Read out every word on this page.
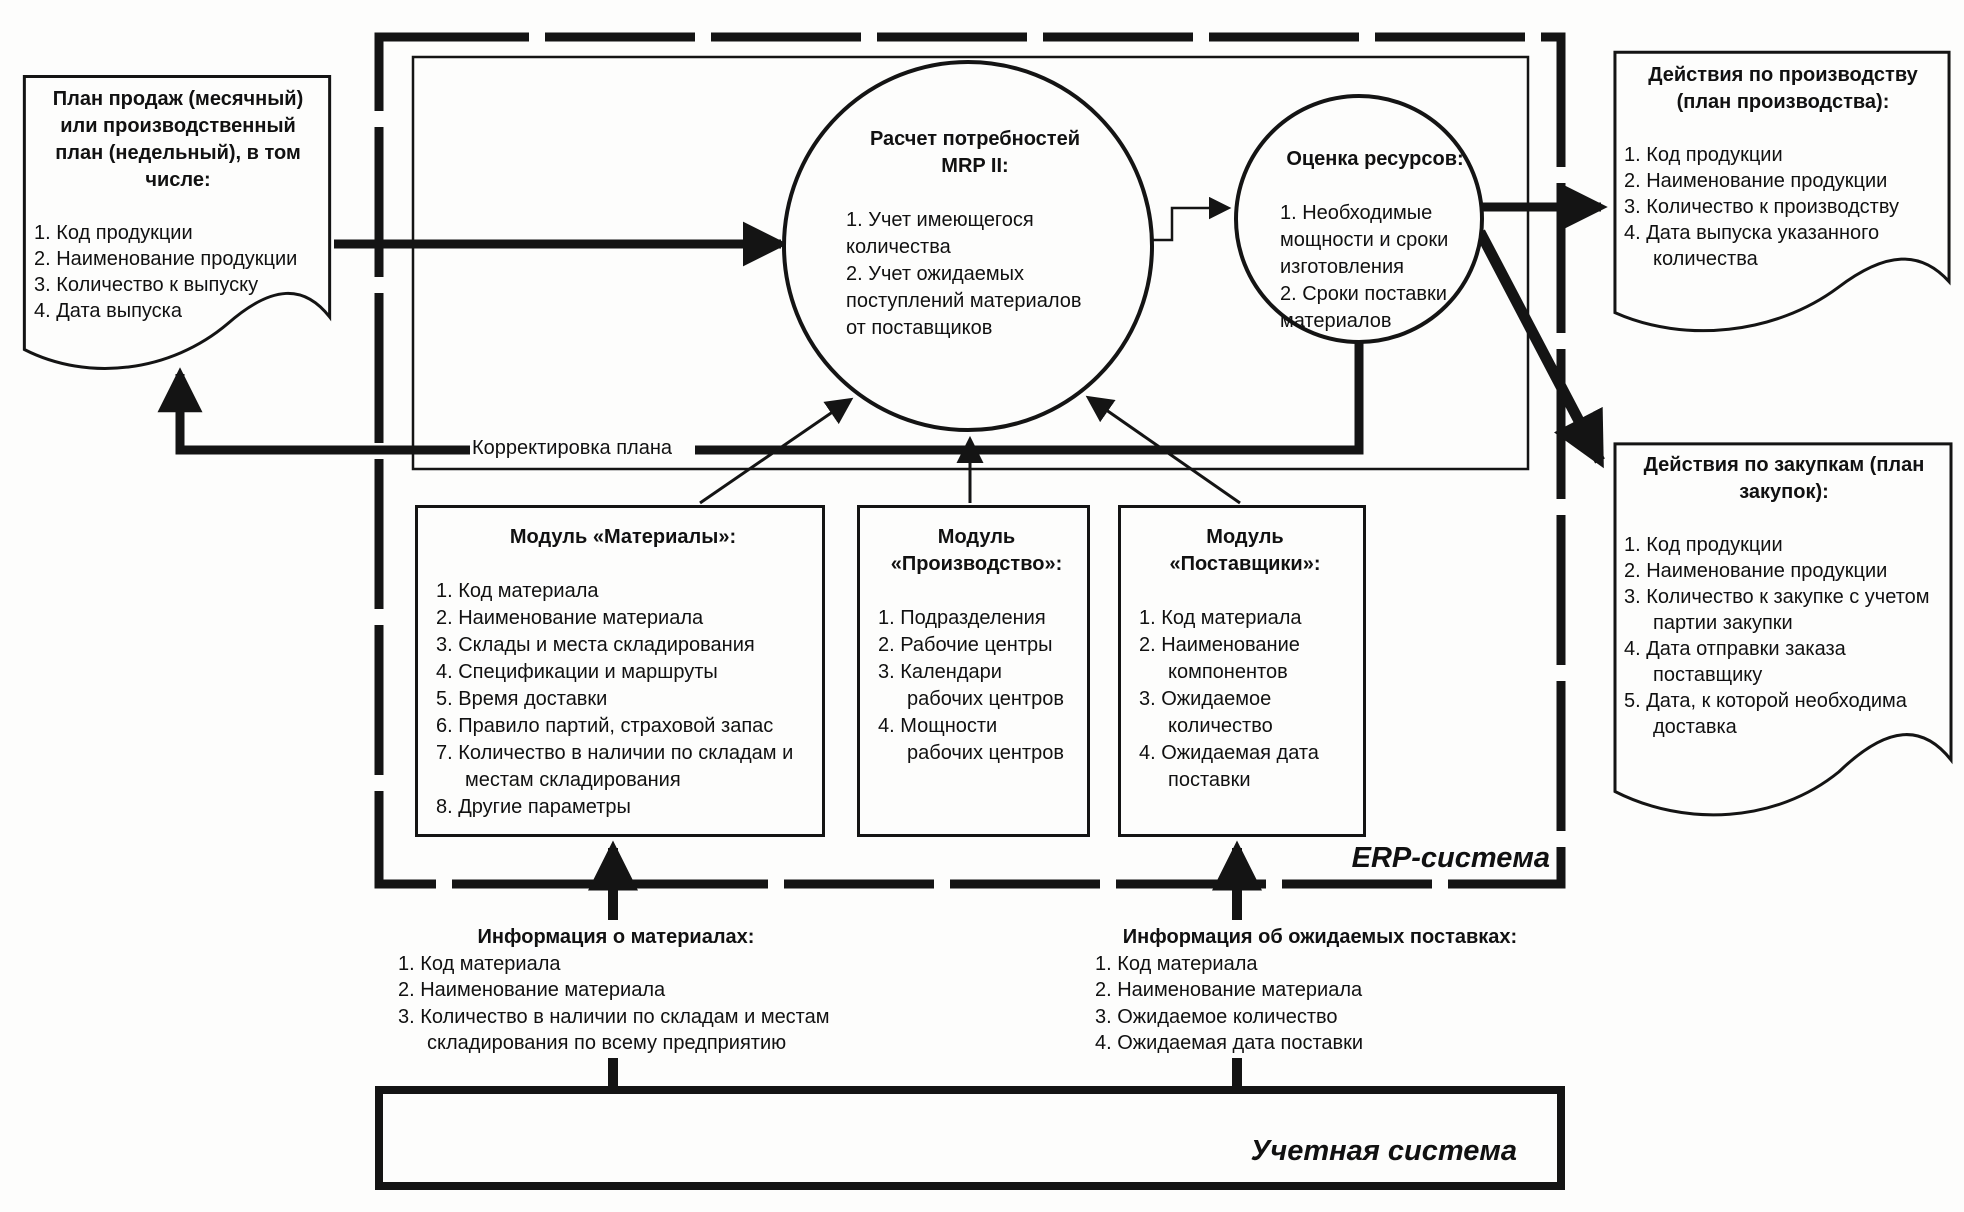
План продаж (месячный) или производственный план (недельный), в том числе:

1. Код продукции

2. Наименование продукции

3. Количество к выпуску

4. Дата выпуска

Расчет потребностей MRP II:

1. Учет имеющегося количества

2. Учет ожидаемых поступлений материалов от поставщиков

Оценка ресурсов:

1. Необходимые мощности и сроки изготовления

2. Сроки поставки материалов

Действия по производству (план производства):

1. Код продукции

2. Наименование продукции

3. Количество к производству

4. Дата выпуска указанного количества

Действия по закупкам (план закупок):

1. Код продукции

2. Наименование продукции

3. Количество к закупке с учетом партии закупки

4. Дата отправки заказа поставщику

5. Дата, к которой необходима доставка

Корректировка плана

Модуль «Материалы»:

1. Код материала

2. Наименование материала

3. Склады и места складирования

4. Спецификации и маршруты

5. Время доставки

6. Правило партий, страховой запас

7. Количество в наличии по складам и местам складирования

8. Другие параметры

Модуль «Производство»:

1. Подразделения

2. Рабочие центры

3. Календари рабочих центров

4. Мощности рабочих центров

Модуль «Поставщики»:

1. Код материала

2. Наименование компонентов

3. Ожидаемое количество

4. Ожидаемая дата поставки

ERP-система

Информация о материалах:

1. Код материала

2. Наименование материала

3. Количество в наличии по складам и местам складирования по всему предприятию

Информация об ожидаемых поставках:

1. Код материала

2. Наименование материала

3. Ожидаемое количество

4. Ожидаемая дата поставки

Учетная система
